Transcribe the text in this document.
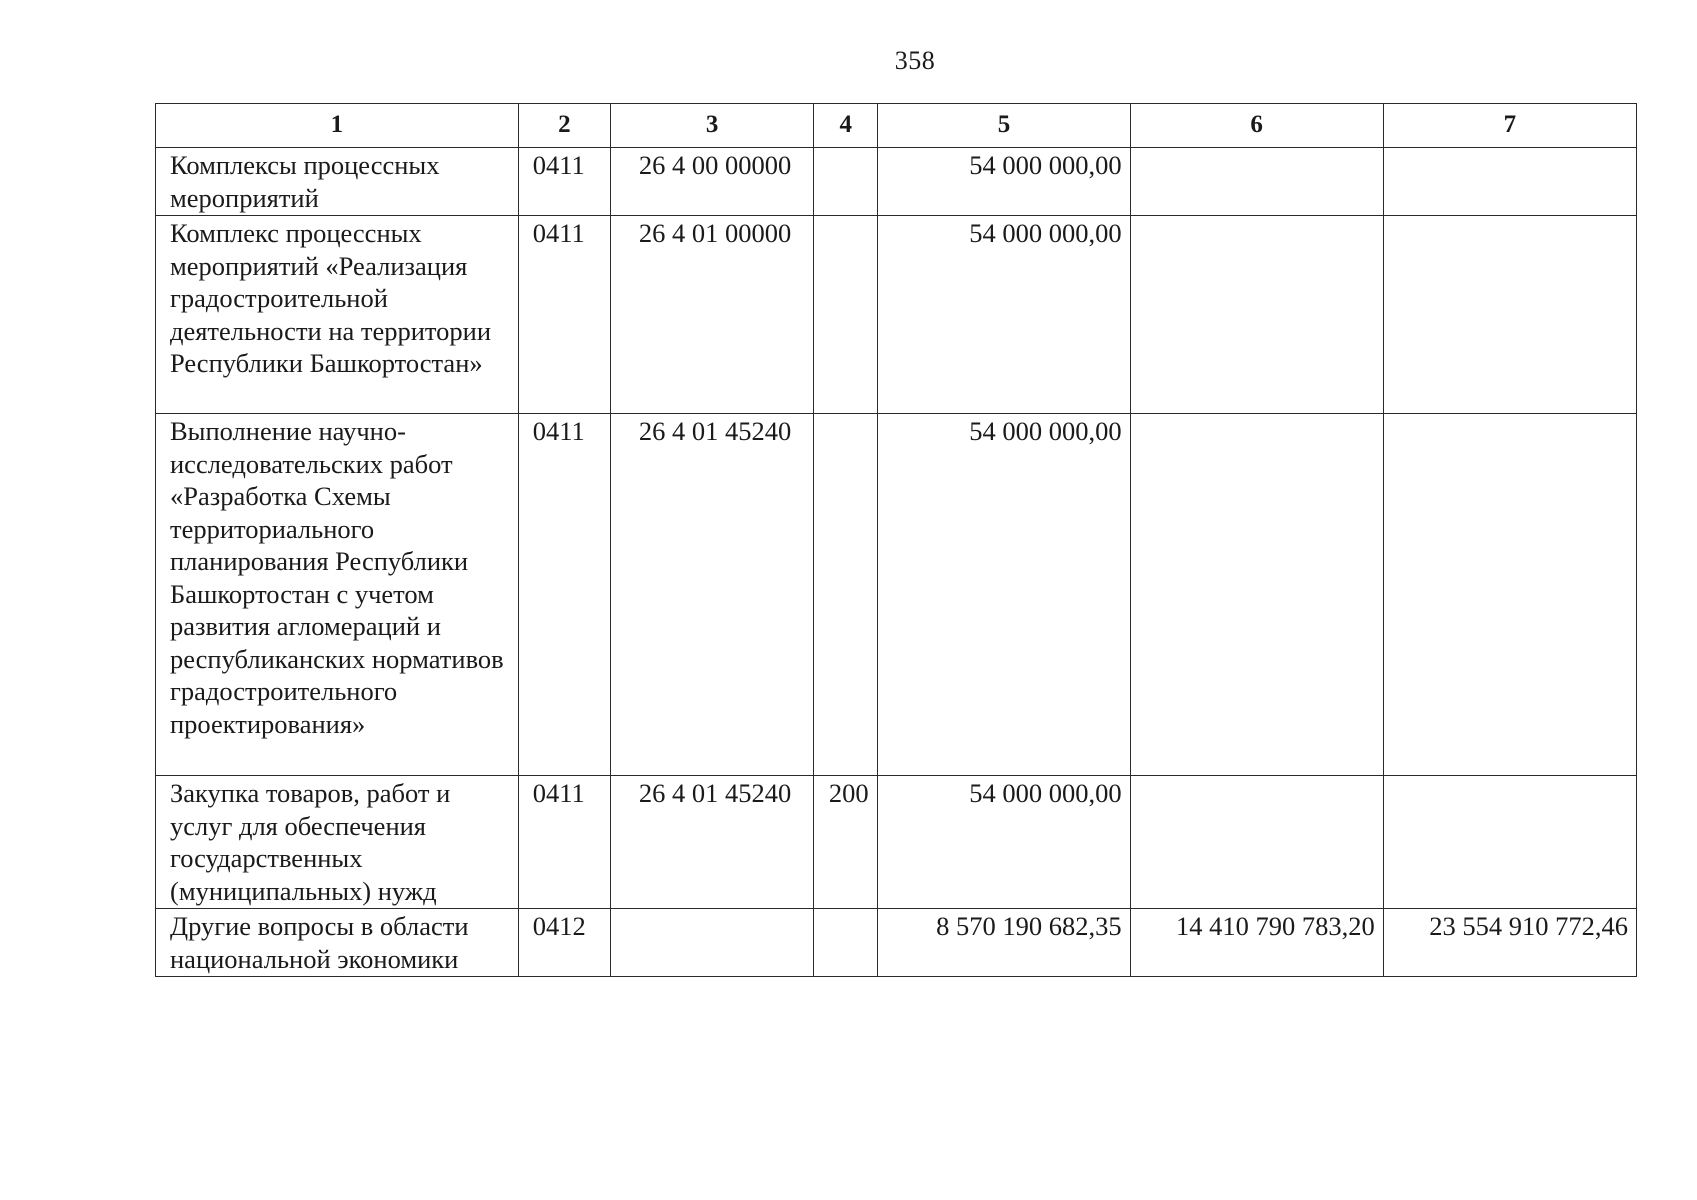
358
1	2	3	4	5	6	7
Комплексы процессных мероприятий	0411	26 4 00 00000		54 000 000,00		
Комплекс процессных мероприятий «Реализация градостроительной деятельности на территории Республики Башкортостан»	0411	26 4 01 00000		54 000 000,00		
Выполнение научно-исследовательских работ «Разработка Схемы территориального планирования Республики Башкортостан с учетом развития агломераций и республиканских нормативов градостроительного проектирования»	0411	26 4 01 45240		54 000 000,00		
Закупка товаров, работ и услуг для обеспечения государственных (муниципальных) нужд	0411	26 4 01 45240	200	54 000 000,00		
Другие вопросы в области национальной экономики	0412			8 570 190 682,35	14 410 790 783,20	23 554 910 772,46
